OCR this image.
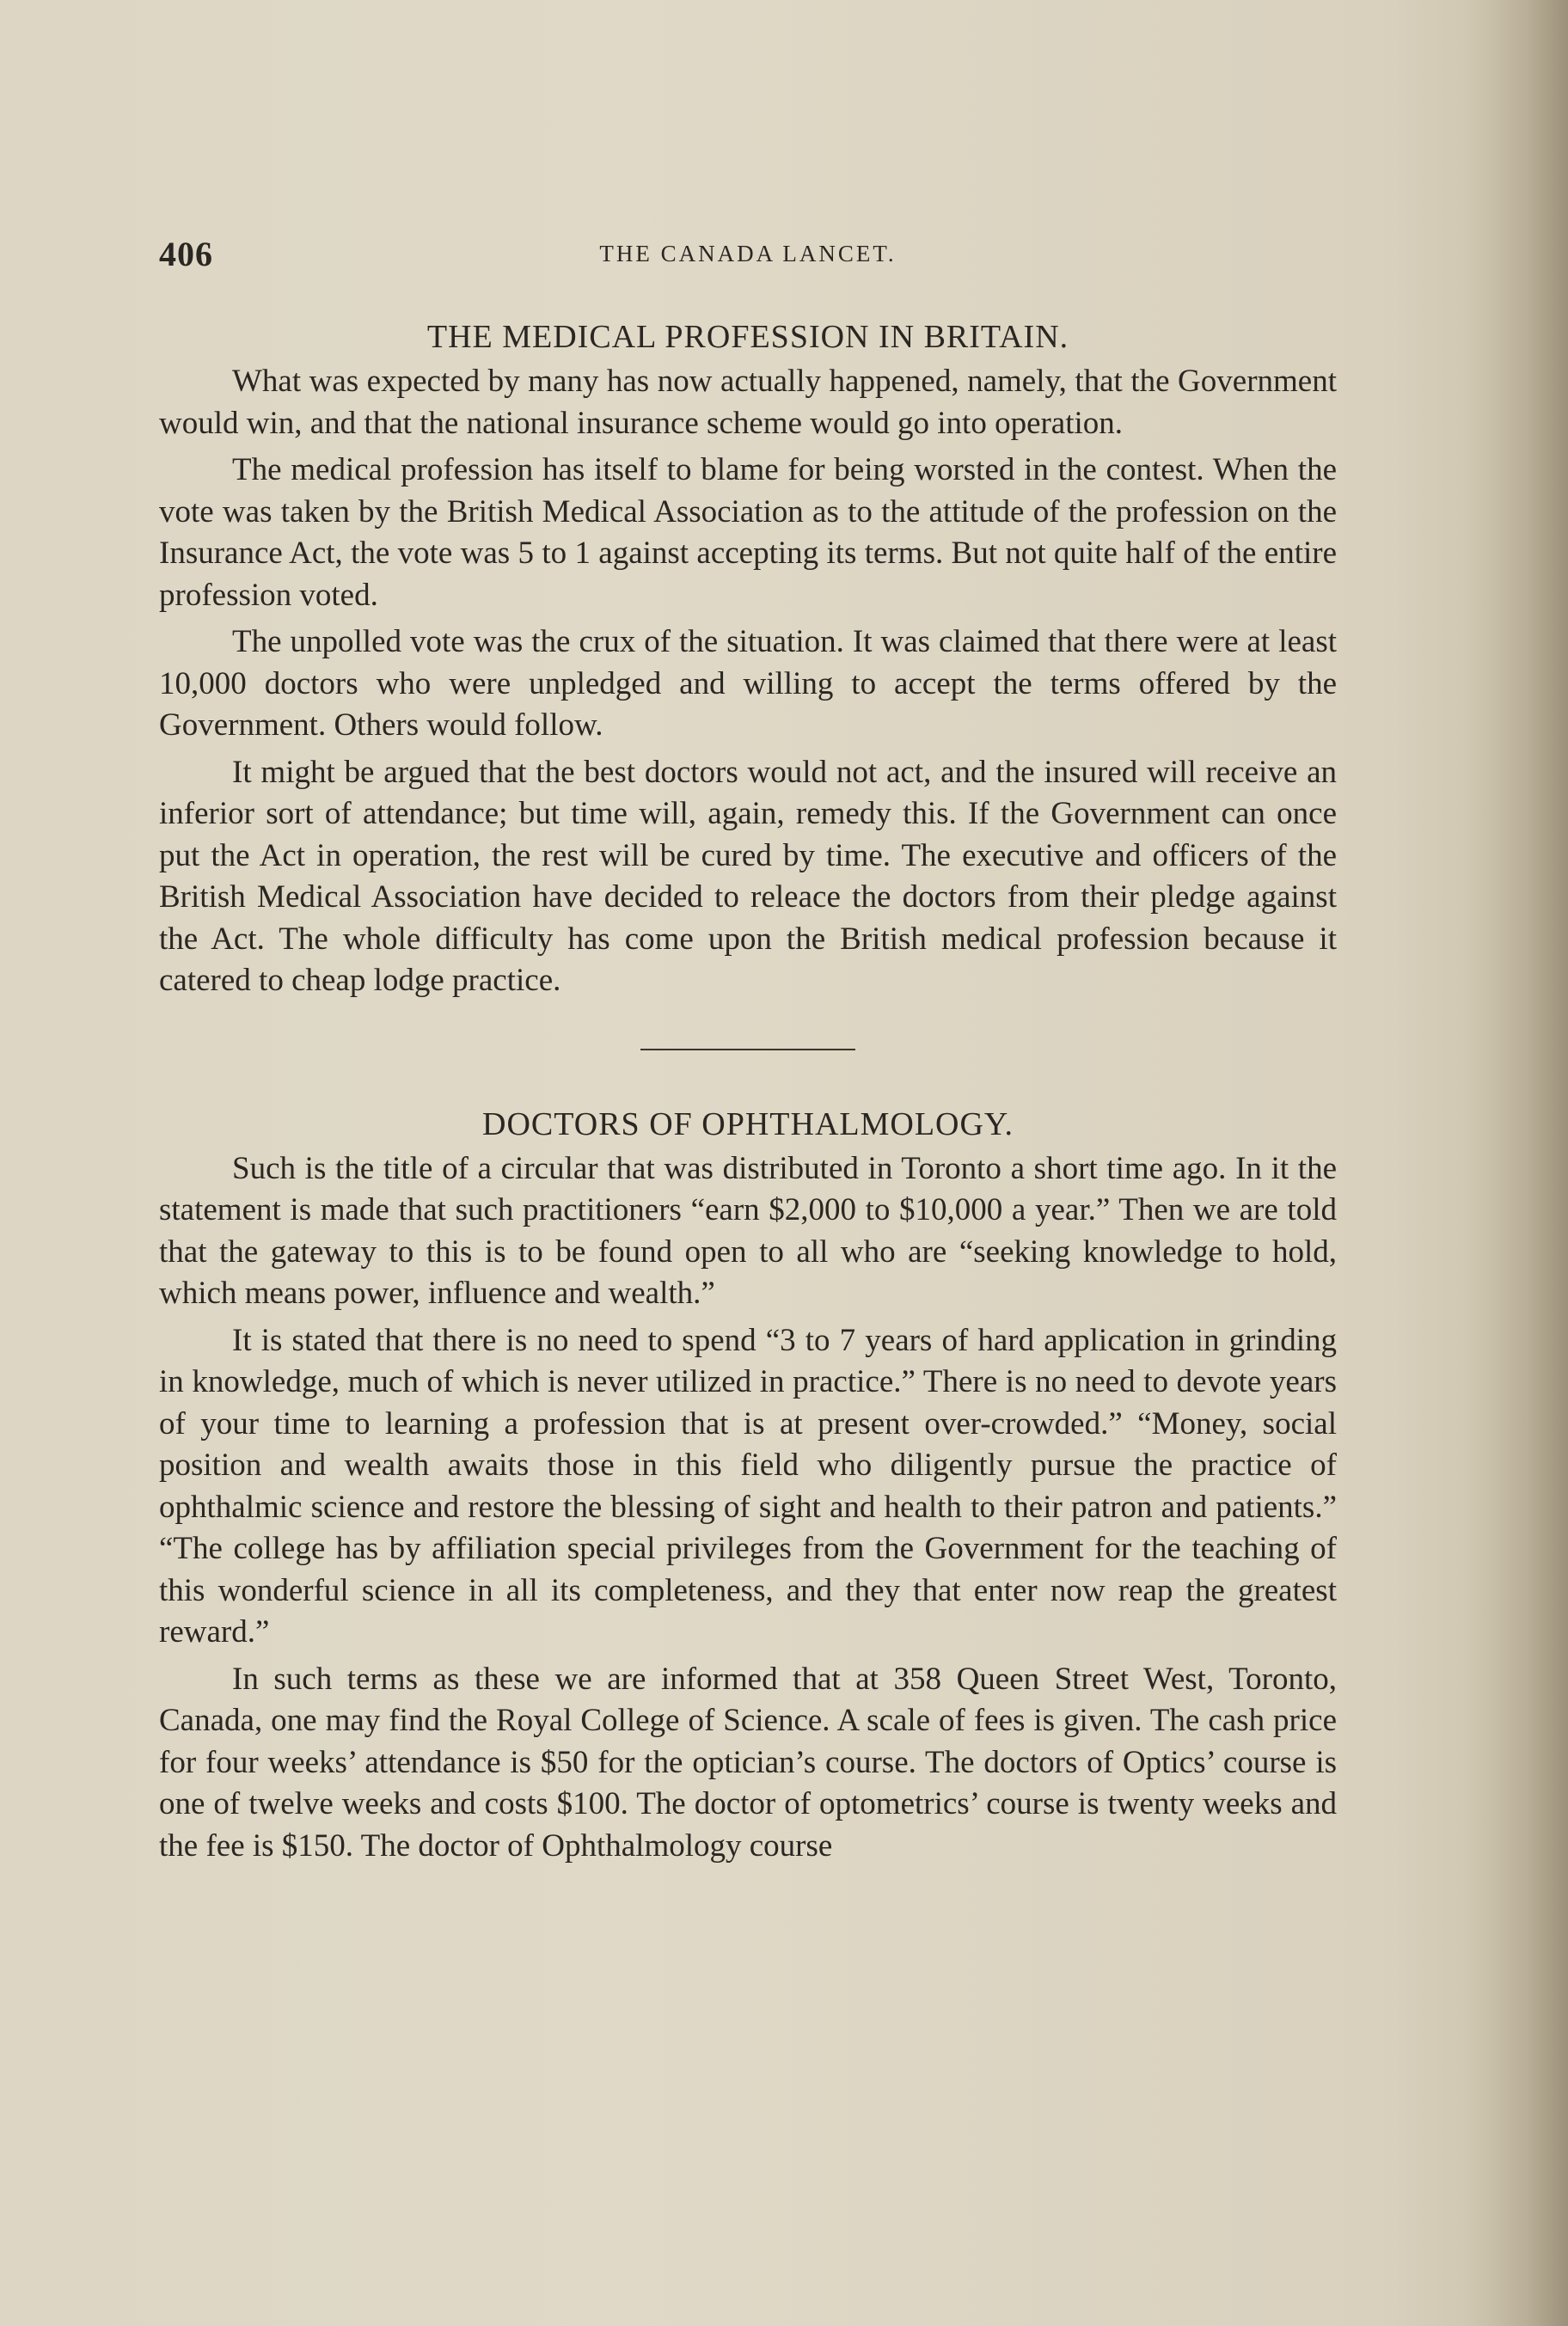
406	THE CANADA LANCET.
THE MEDICAL PROFESSION IN BRITAIN.

What was expected by many has now actually happened, namely, that the Government would win, and that the national insurance scheme would go into operation.

The medical profession has itself to blame for being worsted in the contest. When the vote was taken by the British Medical Association as to the attitude of the profession on the Insurance Act, the vote was 5 to 1 against accepting its terms. But not quite half of the entire profession voted.

The unpolled vote was the crux of the situation. It was claimed that there were at least 10,000 doctors who were unpledged and willing to accept the terms offered by the Government. Others would follow.

It might be argued that the best doctors would not act, and the insured will receive an inferior sort of attendance; but time will, again, remedy this. If the Government can once put the Act in operation, the rest will be cured by time. The executive and officers of the British Medical Association have decided to releace the doctors from their pledge against the Act. The whole difficulty has come upon the British medical profession because it catered to cheap lodge practice.

DOCTORS OF OPHTHALMOLOGY.

Such is the title of a circular that was distributed in Toronto a short time ago. In it the statement is made that such practitioners “earn $2,000 to $10,000 a year.” Then we are told that the gateway to this is to be found open to all who are “seeking knowledge to hold, which means power, influence and wealth.”

It is stated that there is no need to spend “3 to 7 years of hard application in grinding in knowledge, much of which is never utilized in practice.” There is no need to devote years of your time to learning a profession that is at present over-crowded.” “Money, social position and wealth awaits those in this field who diligently pursue the practice of ophthalmic science and restore the blessing of sight and health to their patron and patients.” “The college has by affiliation special privileges from the Government for the teaching of this wonderful science in all its completeness, and they that enter now reap the greatest reward.”

In such terms as these we are informed that at 358 Queen Street West, Toronto, Canada, one may find the Royal College of Science. A scale of fees is given. The cash price for four weeks’ attendance is $50 for the optician’s course. The doctors of Optics’ course is one of twelve weeks and costs $100. The doctor of optometrics’ course is twenty weeks and the fee is $150. The doctor of Ophthalmology course
